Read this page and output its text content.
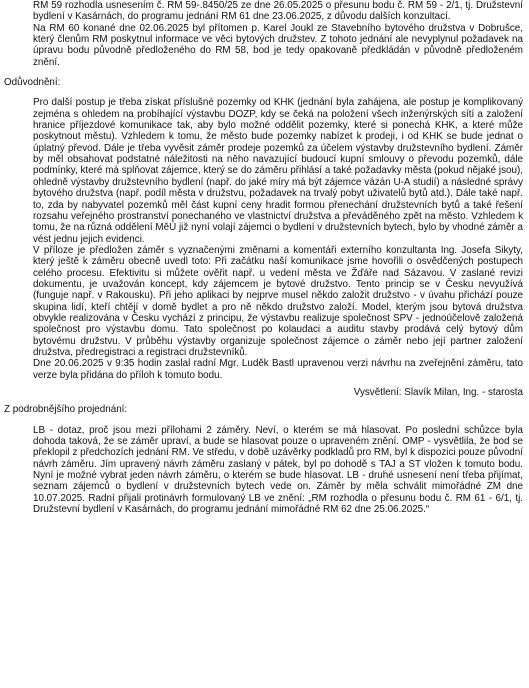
RM 59 rozhodla usnesením č. RM 59-.8450/25 ze dne 26.05.2025 o přesunu bodu č. RM 59 - 2/1, tj. Družstevní bydlení v Kasárnách, do programu jednání RM 61 dne 23.06.2025, z důvodu dalších konzultací.

Na RM 60 konané dne 02.06.2025 byl přítomen p. Karel Joukl ze Stavebního bytového družstva v Dobrušce, který členům RM poskytnul informace ve věci bytových družstev. Z tohoto jednání ale nevyplynul požadavek na úpravu bodu původně předloženého do RM 58, bod je tedy opakovaně předkládán v původně předloženém znění.

Odůvodnění:

Pro další postup je třeba získat příslušné pozemky od KHK (jednání byla zahájena, ale postup je komplikovaný zejména s ohledem na probíhající výstavbu DOZP, kdy se čeká na položení všech inženýrských sítí a založení hranice příjezdové komunikace tak, aby bylo možné oddělit pozemky, které si ponechá KHK, a které může poskytnout městu). Vzhledem k tomu, že město bude pozemky nabízet k prodeji, i od KHK se bude jednat o úplatný převod. Dále je třeba vyvěsit záměr prodeje pozemků za účelem výstavby družstevního bydlení. Záměr by měl obsahovat podstatné náležitosti na něho navazující budoucí kupní smlouvy o převodu pozemků, dále podmínky, které má splňovat zájemce, který se do záměru přihlásí a také požadavky města (pokud nějaké jsou), ohledně výstavby družstevního bydlení (např. do jaké míry má být zájemce vázán U-A studií) a následné správy bytového družstva (např. podíl města v družstvu, požadavek na trvalý pobyt uživatelů bytů atd.). Dále také např. to, zda by nabyvatel pozemků měl část kupní ceny hradit formou přenechání družstevních bytů a také řešení rozsahu veřejného prostranství ponechaného ve vlastnictví družstva a převáděného zpět na město. Vzhledem k tomu, že na různá oddělení MěÚ již nyní volají zájemci o bydlení v družstevních bytech, bylo by vhodné záměr a vést jednu jejich evidenci.

V příloze je předložen záměr s vyznačenými změnami a komentáři externího konzultanta Ing. Josefa Sikyty, který ještě k záměru obecně uvedl toto: Při začátku naší komunikace jsme hovořili o osvědčených postupech celého procesu. Efektivitu si můžete ověřit např. u vedení města ve Žďáře nad Sázavou. V zaslané revizi dokumentu, je uvažován koncept, kdy zájemcem je bytové družstvo. Tento princip se v Česku nevyužívá (funguje např. v Rakousku). Při jeho aplikaci by nejprve musel někdo založit družstvo - v úvahu přichází pouze skupina lidí, kteří chtějí v domě bydlet a pro ně někdo družstvo založí. Model, kterým jsou bytová družstva obvykle realizována v Česku vychází z principu, že výstavbu realizuje společnost SPV - jednoúčelově založená společnost pro výstavbu domu. Tato společnost po kolaudaci a auditu stavby prodává celý bytový dům bytovému družstvu. V průběhu výstavby organizuje společnost zájemce o záměr nebo její partner založení družstva, předregistraci a registraci družstevníků.

Dne 20.06.2025 v 9:35 hodin zaslal radní Mgr. Luděk Bastl upravenou verzi návrhu na zveřejnění záměru, tato verze byla přidána do příloh k tomuto bodu.

Vysvětlení: Slavík Milan, Ing. - starosta

Z podrobnějšího projednání:

LB - dotaz, proč jsou mezi přílohami 2 záměry. Neví, o kterém se má hlasovat. Po poslední schůzce byla dohoda taková, že se záměr upraví, a bude se hlasovat pouze o upraveném znění. OMP - vysvětlila, že bod se překlopil z předchozích jednání RM. Ve středu, v době uzávěrky podkladů pro RM, byl k dispozici pouze původní návrh záměru. Jím upravený návrh záměru zaslaný v pátek, byl po dohodě s TAJ a ST vložen k tomuto bodu. Nyní je možné vybrat jeden návrh záměru, o kterém se bude hlasovat. LB - druhé usnesení není třeba přijímat, seznam zájemců o bydlení v družstevních bytech vede on. Záměr by měla schválit mimořádné ZM dne 10.07.2025. Radní přijali protinávrh formulovaný LB ve znění: „RM rozhodla o přesunu bodu č. RM 61 - 6/1, tj. Družstevní bydlení v Kasárnách, do programu jednání mimořádné RM 62 dne 25.06.2025.“
